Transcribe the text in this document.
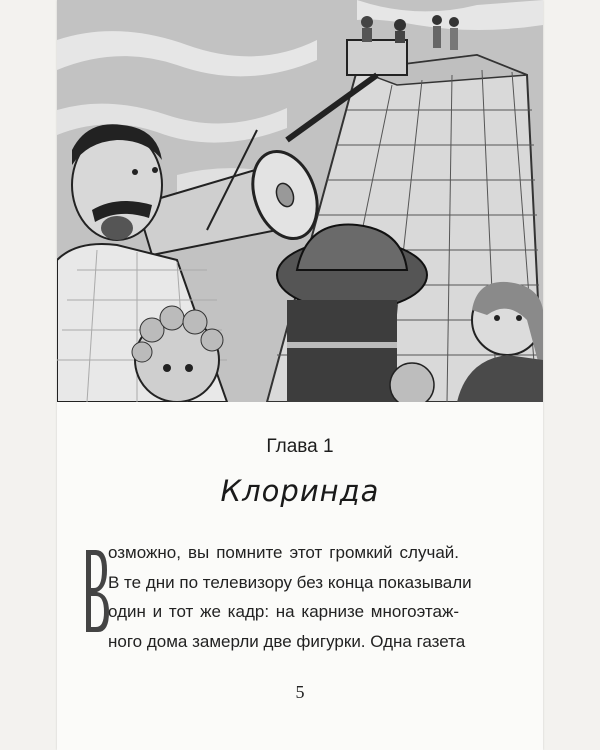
Глава 1
Клоринда
озможно, вы помните этот громкий случай.
В те дни по телевизору без конца показывали
один и тот же кадр: на карнизе многоэтаж-
ного дома замерли две фигурки. Одна газета
5
